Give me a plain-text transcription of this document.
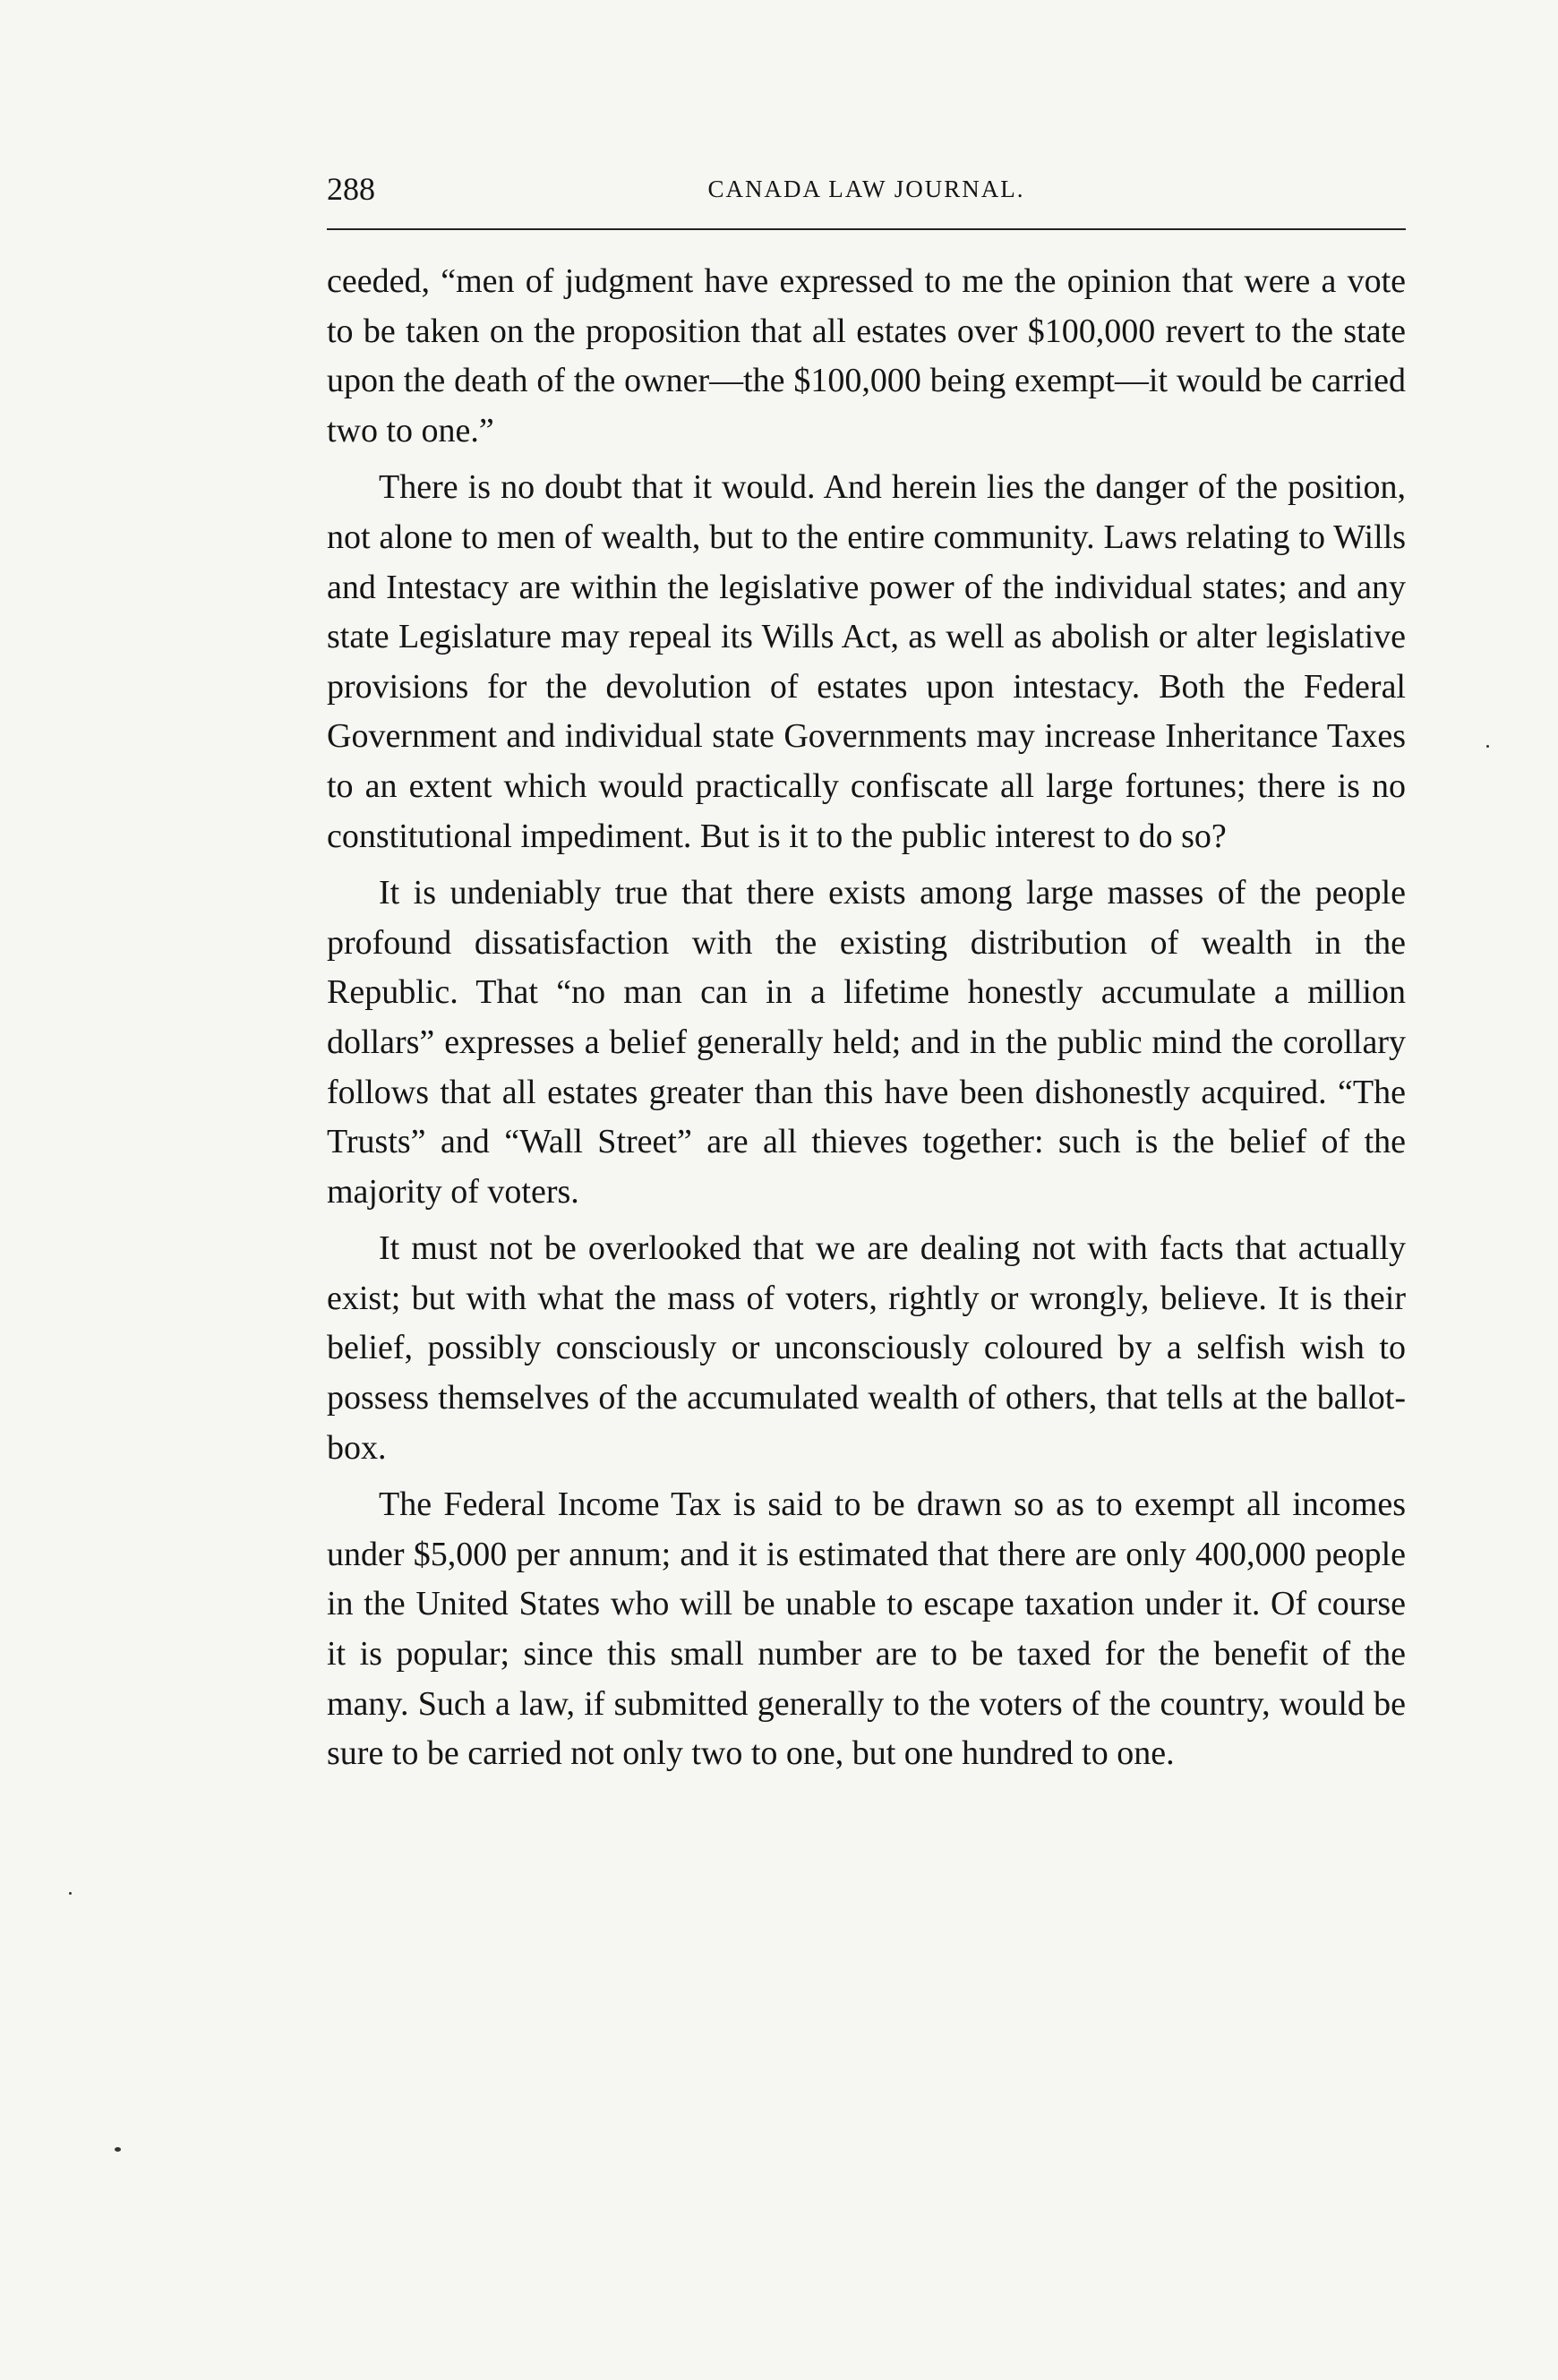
288	CANADA LAW JOURNAL.

ceeded, “men of judgment have expressed to me the opinion that were a vote to be taken on the proposition that all estates over $100,000 revert to the state upon the death of the owner—the $100,000 being exempt—it would be carried two to one.”

There is no doubt that it would. And herein lies the danger of the position, not alone to men of wealth, but to the entire community. Laws relating to Wills and Intestacy are within the legislative power of the individual states; and any state Legislature may repeal its Wills Act, as well as abolish or alter legislative provisions for the devolution of estates upon intestacy. Both the Federal Government and individual state Governments may increase Inheritance Taxes to an extent which would practically confiscate all large fortunes; there is no constitutional impediment. But is it to the public interest to do so?

It is undeniably true that there exists among large masses of the people profound dissatisfaction with the existing distribution of wealth in the Republic. That “no man can in a lifetime honestly accumulate a million dollars” expresses a belief generally held; and in the public mind the corollary follows that all estates greater than this have been dishonestly acquired. “The Trusts” and “Wall Street” are all thieves together: such is the belief of the majority of voters.

It must not be overlooked that we are dealing not with facts that actually exist; but with what the mass of voters, rightly or wrongly, believe. It is their belief, possibly consciously or unconsciously coloured by a selfish wish to possess themselves of the accumulated wealth of others, that tells at the ballot-box.

The Federal Income Tax is said to be drawn so as to exempt all incomes under $5,000 per annum; and it is estimated that there are only 400,000 people in the United States who will be unable to escape taxation under it. Of course it is popular; since this small number are to be taxed for the benefit of the many. Such a law, if submitted generally to the voters of the country, would be sure to be carried not only two to one, but one hundred to one.
